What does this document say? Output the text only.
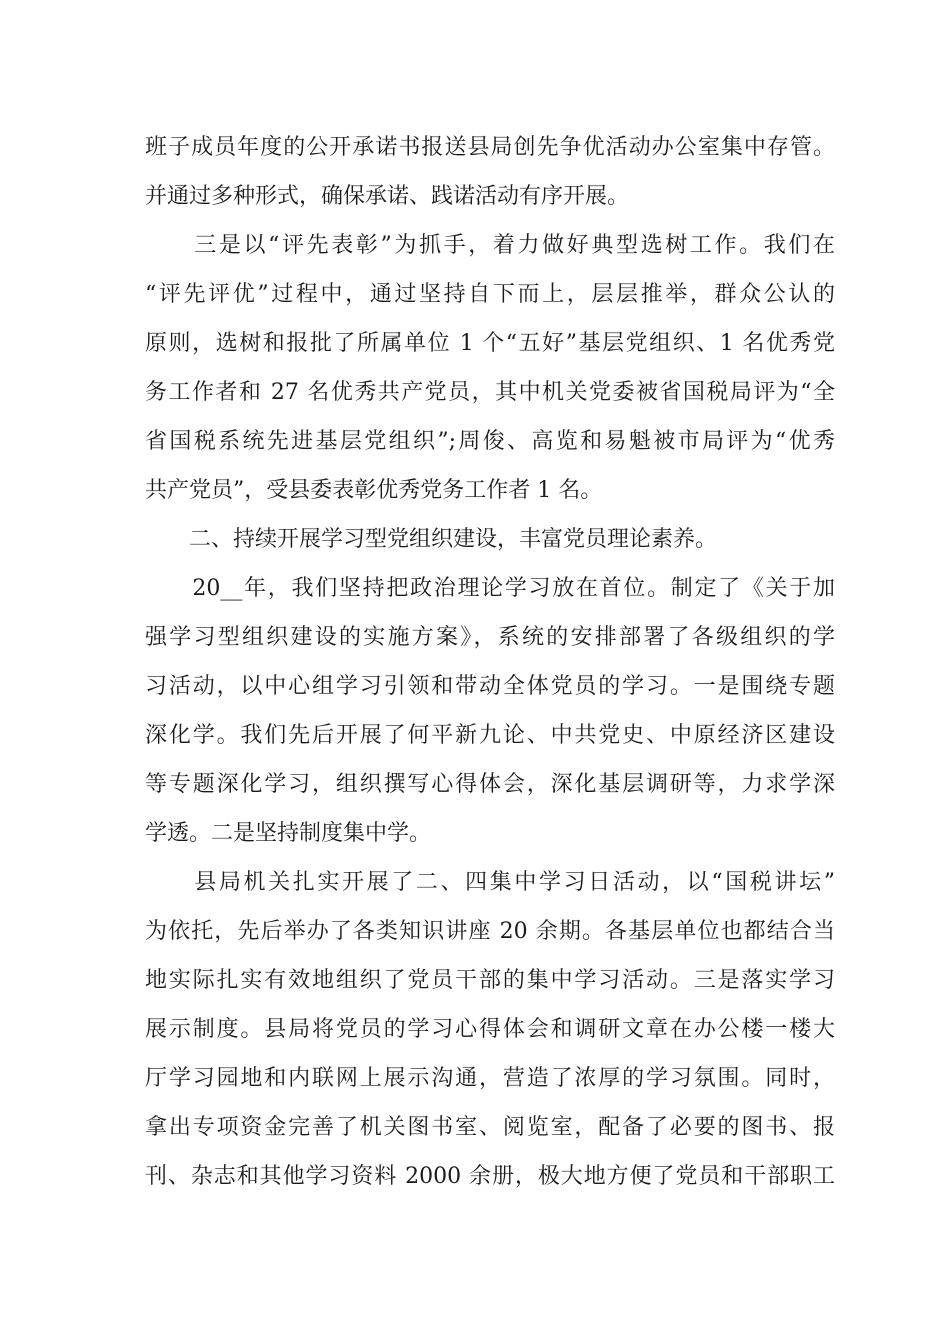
班子成员年度的公开承诺书报送县局创先争优活动办公室集中存管。
并通过多种形式，确保承诺、践诺活动有序开展。
　　三是以“评先表彰”为抓手，着力做好典型选树工作。我们在
“评先评优”过程中，通过坚持自下而上，层层推举，群众公认的
原则，选树和报批了所属单位 1 个“五好”基层党组织、1 名优秀党
务工作者和 27 名优秀共产党员，其中机关党委被省国税局评为“全
省国税系统先进基层党组织”;周俊、高览和易魁被市局评为“优秀
共产党员”，受县委表彰优秀党务工作者 1 名。
　　二、持续开展学习型党组织建设，丰富党员理论素养。
　　20__年，我们坚持把政治理论学习放在首位。制定了《关于加
强学习型组织建设的实施方案》，系统的安排部署了各级组织的学
习活动，以中心组学习引领和带动全体党员的学习。一是围绕专题
深化学。我们先后开展了何平新九论、中共党史、中原经济区建设
等专题深化学习，组织撰写心得体会，深化基层调研等，力求学深
学透。二是坚持制度集中学。
　　县局机关扎实开展了二、四集中学习日活动，以“国税讲坛”
为依托，先后举办了各类知识讲座 20 余期。各基层单位也都结合当
地实际扎实有效地组织了党员干部的集中学习活动。三是落实学习
展示制度。县局将党员的学习心得体会和调研文章在办公楼一楼大
厅学习园地和内联网上展示沟通，营造了浓厚的学习氛围。同时，
拿出专项资金完善了机关图书室、阅览室，配备了必要的图书、报
刊、杂志和其他学习资料 2000 余册，极大地方便了党员和干部职工
